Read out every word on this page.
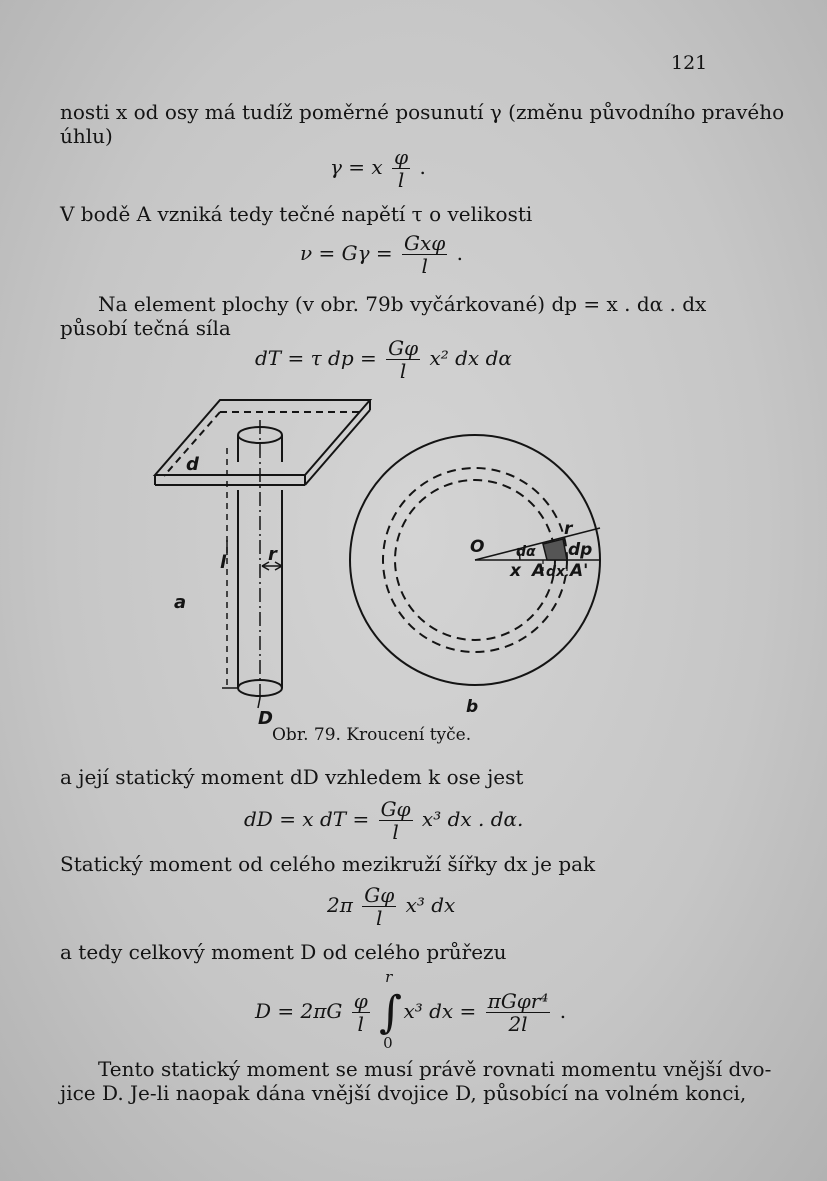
121
nosti x od osy má tudíž poměrné posunutí γ (změnu původního pravého
úhlu)
γ = x $\frac{\varphi}{l}$ .
V bodě A vzniká tedy tečné napětí τ o velikosti
$\nu = G\gamma = \frac{\text{Gxφ}}{l}$ .
Na element plochy (v obr. 79b vyčárkované) dp = x . dα . dx
působí tečná síla
dT = τ dp = $\frac{G\varphi}{l} x^2$ dx dα
d
l r
a
D
O dα dp
r
x A dx A'
b
Obr. 79. Kroucení tyče.
a její statický moment dD vzhledem k ose jest
dD = x dT = $\frac{G\varphi}{l} x^3$ dx . dα.
Statický moment od celého mezikruží šířky dx je pak
$2\pi \frac{G\varphi}{l} x^3$ dx
a tedy celkový moment D od celého průřezu
$D = 2\pi G \frac{\varphi}{l}$ ∫
r
0
x³ dx = $\frac{\text{πGφr⁴}}{2l}$ .
Tento statický moment se musí právě rovnati momentu vnější dvo-
jice D. Je-li naopak dána vnější dvojice D, působící na volném konci,
